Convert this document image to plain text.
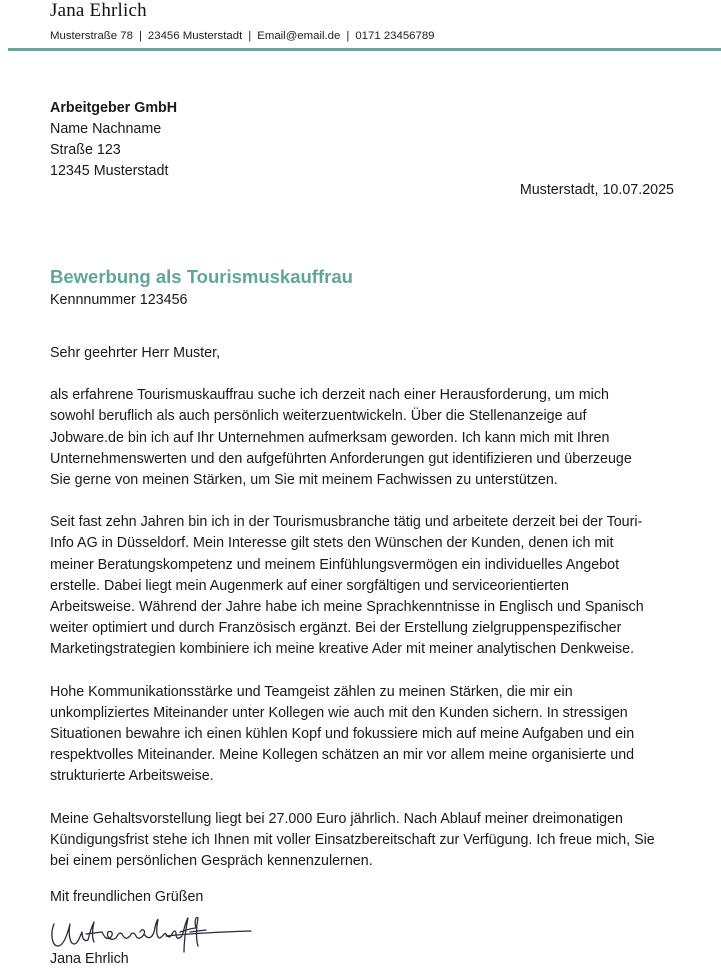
Jana Ehrlich
Musterstraße 78 | 23456 Musterstadt | Email@email.de | 0171 23456789
Arbeitgeber GmbH
Name Nachname
Straße 123
12345 Musterstadt
Musterstadt, 10.07.2025
Bewerbung als Tourismuskauffrau
Kennnummer 123456

Sehr geehrter Herr Muster,

als erfahrene Tourismuskauffrau suche ich derzeit nach einer Herausforderung, um mich
sowohl beruflich als auch persönlich weiterzuentwickeln. Über die Stellenanzeige auf
Jobware.de bin ich auf Ihr Unternehmen aufmerksam geworden. Ich kann mich mit Ihren
Unternehmenswerten und den aufgeführten Anforderungen gut identifizieren und überzeuge
Sie gerne von meinen Stärken, um Sie mit meinem Fachwissen zu unterstützen.

Seit fast zehn Jahren bin ich in der Tourismusbranche tätig und arbeitete derzeit bei der Touri-
Info AG in Düsseldorf. Mein Interesse gilt stets den Wünschen der Kunden, denen ich mit
meiner Beratungskompetenz und meinem Einfühlungsvermögen ein individuelles Angebot
erstelle. Dabei liegt mein Augenmerk auf einer sorgfältigen und serviceorientierten
Arbeitsweise. Während der Jahre habe ich meine Sprachkenntnisse in Englisch und Spanisch
weiter optimiert und durch Französisch ergänzt. Bei der Erstellung zielgruppenspezifischer
Marketingstrategien kombiniere ich meine kreative Ader mit meiner analytischen Denkweise.

Hohe Kommunikationsstärke und Teamgeist zählen zu meinen Stärken, die mir ein
unkompliziertes Miteinander unter Kollegen wie auch mit den Kunden sichern. In stressigen
Situationen bewahre ich einen kühlen Kopf und fokussiere mich auf meine Aufgaben und ein
respektvolles Miteinander. Meine Kollegen schätzen an mir vor allem meine organisierte und
strukturierte Arbeitsweise.

Meine Gehaltsvorstellung liegt bei 27.000 Euro jährlich. Nach Ablauf meiner dreimonatigen
Kündigungsfrist stehe ich Ihnen mit voller Einsatzbereitschaft zur Verfügung. Ich freue mich, Sie
bei einem persönlichen Gespräch kennenzulernen.

Mit freundlichen Grüßen
Unterschrift
Jana Ehrlich
